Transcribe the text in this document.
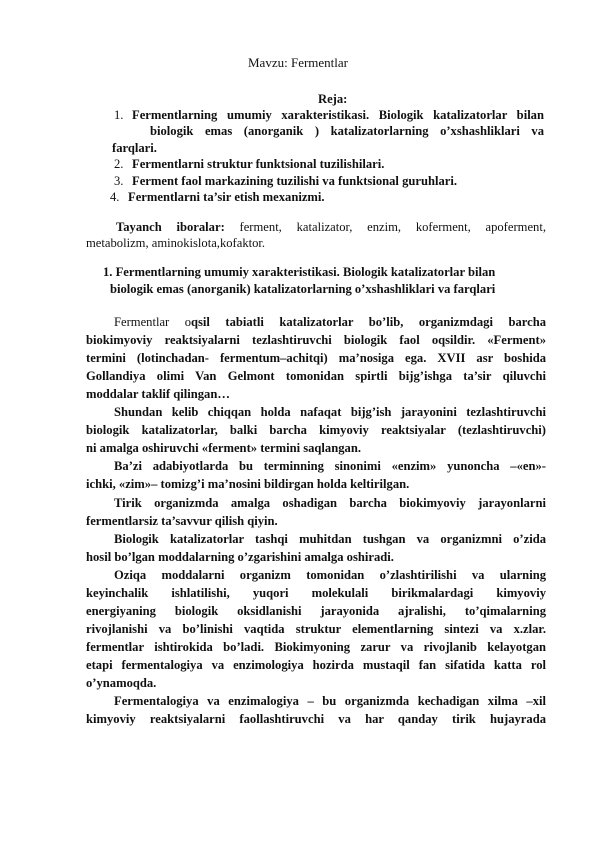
Mavzu: Fermentlar
Reja:
1. Fermentlarning umumiy xarakteristikasi. Biologik katalizatorlar bilan
biologik emas (anorganik ) katalizatorlarning o’xshashliklari va
farqlari.
2. Fermentlarni struktur funktsional tuzilishilari.
3. Ferment faol markazining tuzilishi va funktsional guruhlari.
4. Fermentlarni ta’sir etish mexanizmi.
Tayanch iboralar: ferment, katalizator, enzim, koferment, apoferment,
metabolizm, aminokislota,kofaktor.
1. Fermentlarning umumiy xarakteristikasi. Biologik katalizatorlar bilan
biologik emas (anorganik) katalizatorlarning o’xshashliklari va farqlari
Fermentlar oqsil tabiatli katalizatorlar bo’lib, organizmdagi barcha
biokimyoviy reaktsiyalarni tezlashtiruvchi biologik faol oqsildir. «Ferment»
termini (lotinchadan- fermentum–achitqi) ma’nosiga ega. XVII asr boshida
Gollandiya olimi Van Gelmont tomonidan spirtli bijg’ishga ta’sir qiluvchi
moddalar taklif qilingan…
Shundan kelib chiqqan holda nafaqat bijg’ish jarayonini tezlashtiruvchi
biologik katalizatorlar, balki barcha kimyoviy reaktsiyalar (tezlashtiruvchi)
ni amalga oshiruvchi «ferment» termini saqlangan.
Ba’zi adabiyotlarda bu terminning sinonimi «enzim» yunoncha –«en»-
ichki, «zim»– tomizg’i ma’nosini bildirgan holda keltirilgan.
Tirik organizmda amalga oshadigan barcha biokimyoviy jarayonlarni
fermentlarsiz ta’savvur qilish qiyin.
Biologik katalizatorlar tashqi muhitdan tushgan va organizmni o’zida
hosil bo’lgan moddalarning o’zgarishini amalga oshiradi.
Oziqa moddalarni organizm tomonidan o’zlashtirilishi va ularning
keyinchalik ishlatilishi, yuqori molekulali birikmalardagi kimyoviy
energiyaning biologik oksidlanishi jarayonida ajralishi, to’qimalarning
rivojlanishi va bo’linishi vaqtida struktur elementlarning sintezi va x.zlar.
fermentlar ishtirokida bo’ladi. Biokimyoning zarur va rivojlanib kelayotgan
etapi fermentalogiya va enzimologiya hozirda mustaqil fan sifatida katta rol
o’ynamoqda.
Fermentalogiya va enzimalogiya – bu organizmda kechadigan xilma –xil
kimyoviy reaktsiyalarni faollashtiruvchi va har qanday tirik hujayrada
